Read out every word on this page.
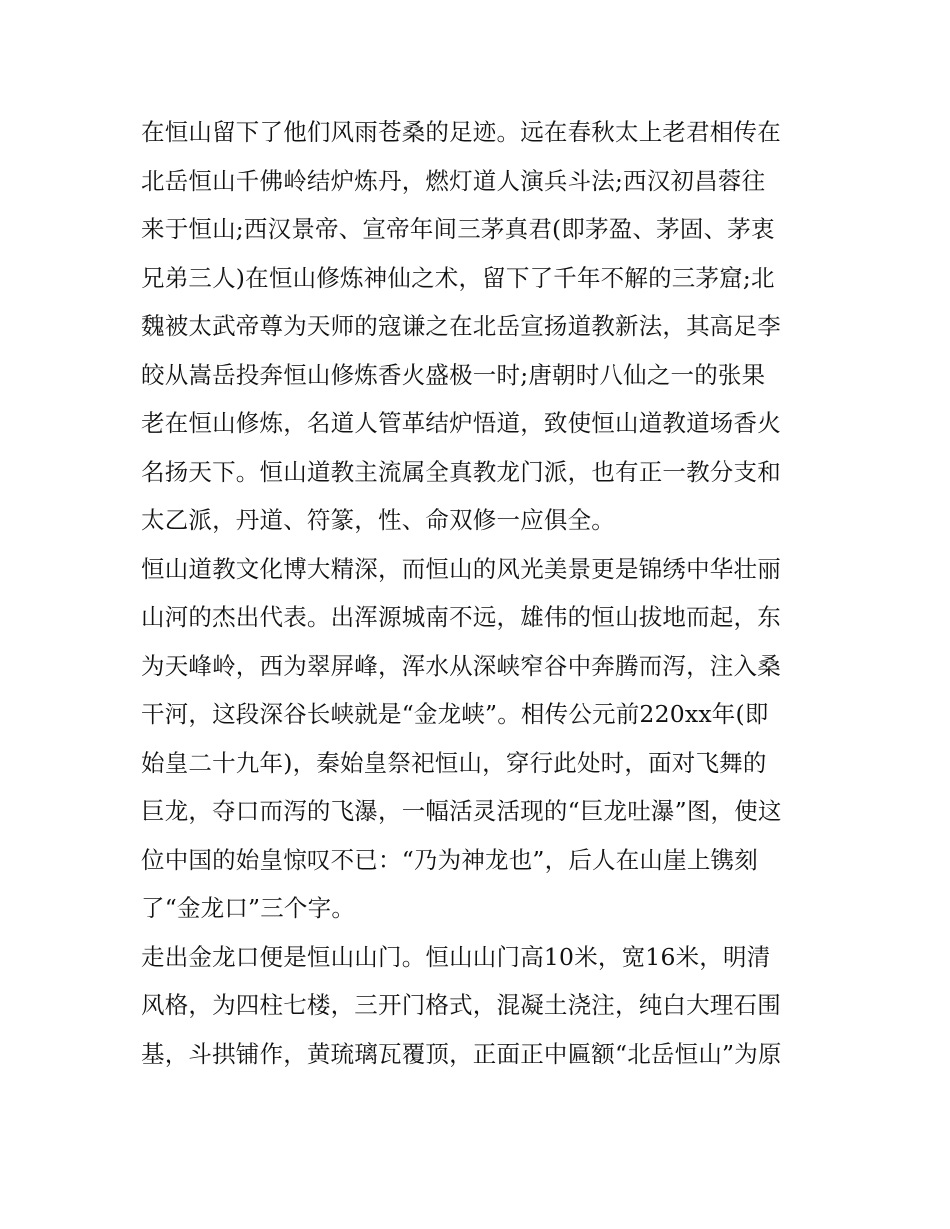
在恒山留下了他们风雨苍桑的足迹。远在春秋太上老君相传在
北岳恒山千佛岭结炉炼丹，燃灯道人演兵斗法;西汉初昌蓉往
来于恒山;西汉景帝、宣帝年间三茅真君(即茅盈、茅固、茅衷
兄弟三人)在恒山修炼神仙之术，留下了千年不解的三茅窟;北
魏被太武帝尊为天师的寇谦之在北岳宣扬道教新法，其高足李
皎从嵩岳投奔恒山修炼香火盛极一时;唐朝时八仙之一的张果
老在恒山修炼，名道人管革结炉悟道，致使恒山道教道场香火
名扬天下。恒山道教主流属全真教龙门派，也有正一教分支和
太乙派，丹道、符篆，性、命双修一应俱全。
恒山道教文化博大精深，而恒山的风光美景更是锦绣中华壮丽
山河的杰出代表。出浑源城南不远，雄伟的恒山拔地而起，东
为天峰岭，西为翠屏峰，浑水从深峡窄谷中奔腾而泻，注入桑
干河，这段深谷长峡就是“金龙峡”。相传公元前220xx年(即
始皇二十九年)，秦始皇祭祀恒山，穿行此处时，面对飞舞的
巨龙，夺口而泻的飞瀑，一幅活灵活现的“巨龙吐瀑”图，使这
位中国的始皇惊叹不已：“乃为神龙也”，后人在山崖上镌刻
了“金龙口”三个字。
走出金龙口便是恒山山门。恒山山门高10米，宽16米，明清
风格，为四柱七楼，三开门格式，混凝土浇注，纯白大理石围
基，斗拱铺作，黄琉璃瓦覆顶，正面正中匾额“北岳恒山”为原
